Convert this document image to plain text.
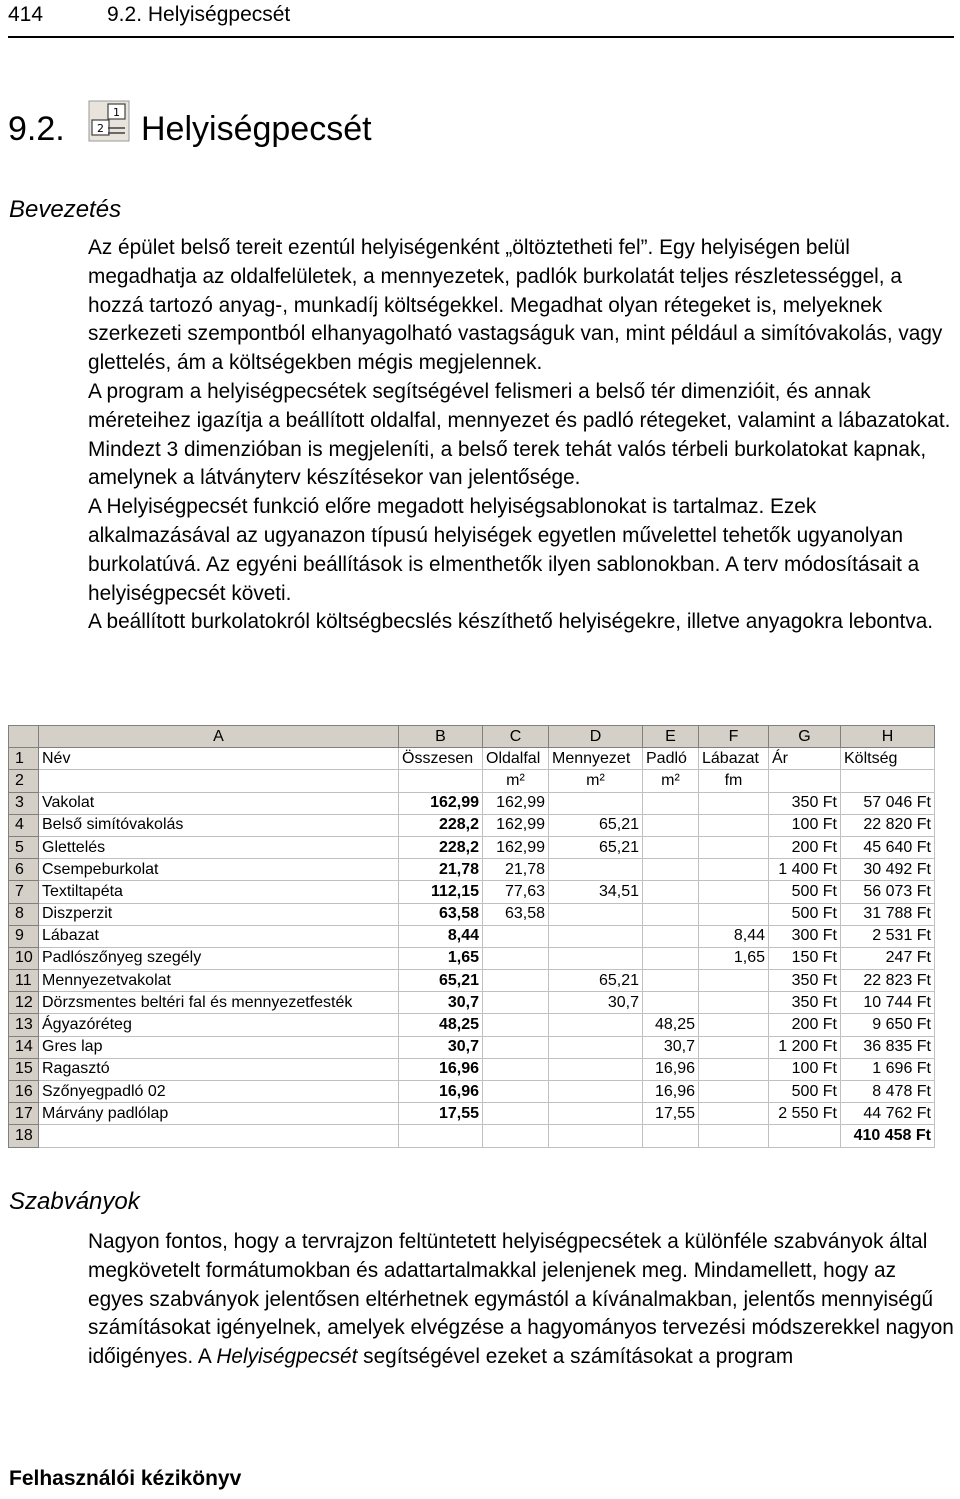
414	9.2. Helyiségpecsét
9.2.	1
2 Helyiségpecsét
Bevezetés

Az épület belső tereit ezentúl helyiségenként „öltöztetheti fel”. Egy helyiségen belül megadhatja az oldalfelületek, a mennyezetek, padlók burkolatát teljes részletességgel, a hozzá tartozó anyag-, munkadíj költségekkel. Megadhat olyan rétegeket is, melyeknek szerkezeti szempontból elhanyagolható vastagságuk van, mint például a simítóvakolás, vagy glettelés, ám a költségekben mégis megjelennek.

A program a helyiségpecsétek segítségével felismeri a belső tér dimenzióit, és annak méreteihez igazítja a beállított oldalfal, mennyezet és padló rétegeket, valamint a lábazatokat. Mindezt 3 dimenzióban is megjeleníti, a belső terek tehát valós térbeli burkolatokat kapnak, amelynek a látványterv készítésekor van jelentősége.

A Helyiségpecsét funkció előre megadott helyiségsablonokat is tartalmaz. Ezek alkalmazásával az ugyanazon típusú helyiségek egyetlen művelettel tehetők ugyanolyan burkolatúvá. Az egyéni beállítások is elmenthetők ilyen sablonokban. A terv módosításait a helyiségpecsét követi.

A beállított burkolatokról költségbecslés készíthető helyiségekre, illetve anyagokra lebontva.

	A	B	C	D	E	F	G	H
1	Név	Összesen	Oldalfal	Mennyezet	Padló	Lábazat	Ár	Költség
2			m²	m²	m²	fm		
3	Vakolat	162,99	162,99				350 Ft	57 046 Ft
4	Belső simítóvakolás	228,2	162,99	65,21			100 Ft	22 820 Ft
5	Glettelés	228,2	162,99	65,21			200 Ft	45 640 Ft
6	Csempeburkolat	21,78	21,78				1 400 Ft	30 492 Ft
7	Textiltapéta	112,15	77,63	34,51			500 Ft	56 073 Ft
8	Diszperzit	63,58	63,58				500 Ft	31 788 Ft
9	Lábazat	8,44				8,44	300 Ft	2 531 Ft
10	Padlószőnyeg szegély	1,65				1,65	150 Ft	247 Ft
11	Mennyezetvakolat	65,21		65,21			350 Ft	22 823 Ft
12	Dörzsmentes beltéri fal és mennyezetfesték	30,7		30,7			350 Ft	10 744 Ft
13	Ágyazóréteg	48,25			48,25		200 Ft	9 650 Ft
14	Gres lap	30,7			30,7		1 200 Ft	36 835 Ft
15	Ragasztó	16,96			16,96		100 Ft	1 696 Ft
16	Szőnyegpadló 02	16,96			16,96		500 Ft	8 478 Ft
17	Márvány padlólap	17,55			17,55		2 550 Ft	44 762 Ft
18								410 458 Ft
Szabványok

Nagyon fontos, hogy a tervrajzon feltüntetett helyiségpecsétek a különféle szabványok által megkövetelt formátumokban és adattartalmakkal jelenjenek meg. Mindamellett, hogy az egyes szabványok jelentősen eltérhetnek egymástól a kívánalmakban, jelentős mennyiségű számításokat igényelnek, amelyek elvégzése a hagyományos tervezési módszerekkel nagyon időigényes. A Helyiségpecsét segítségével ezeket a számításokat a program

Felhasználói kézikönyv
